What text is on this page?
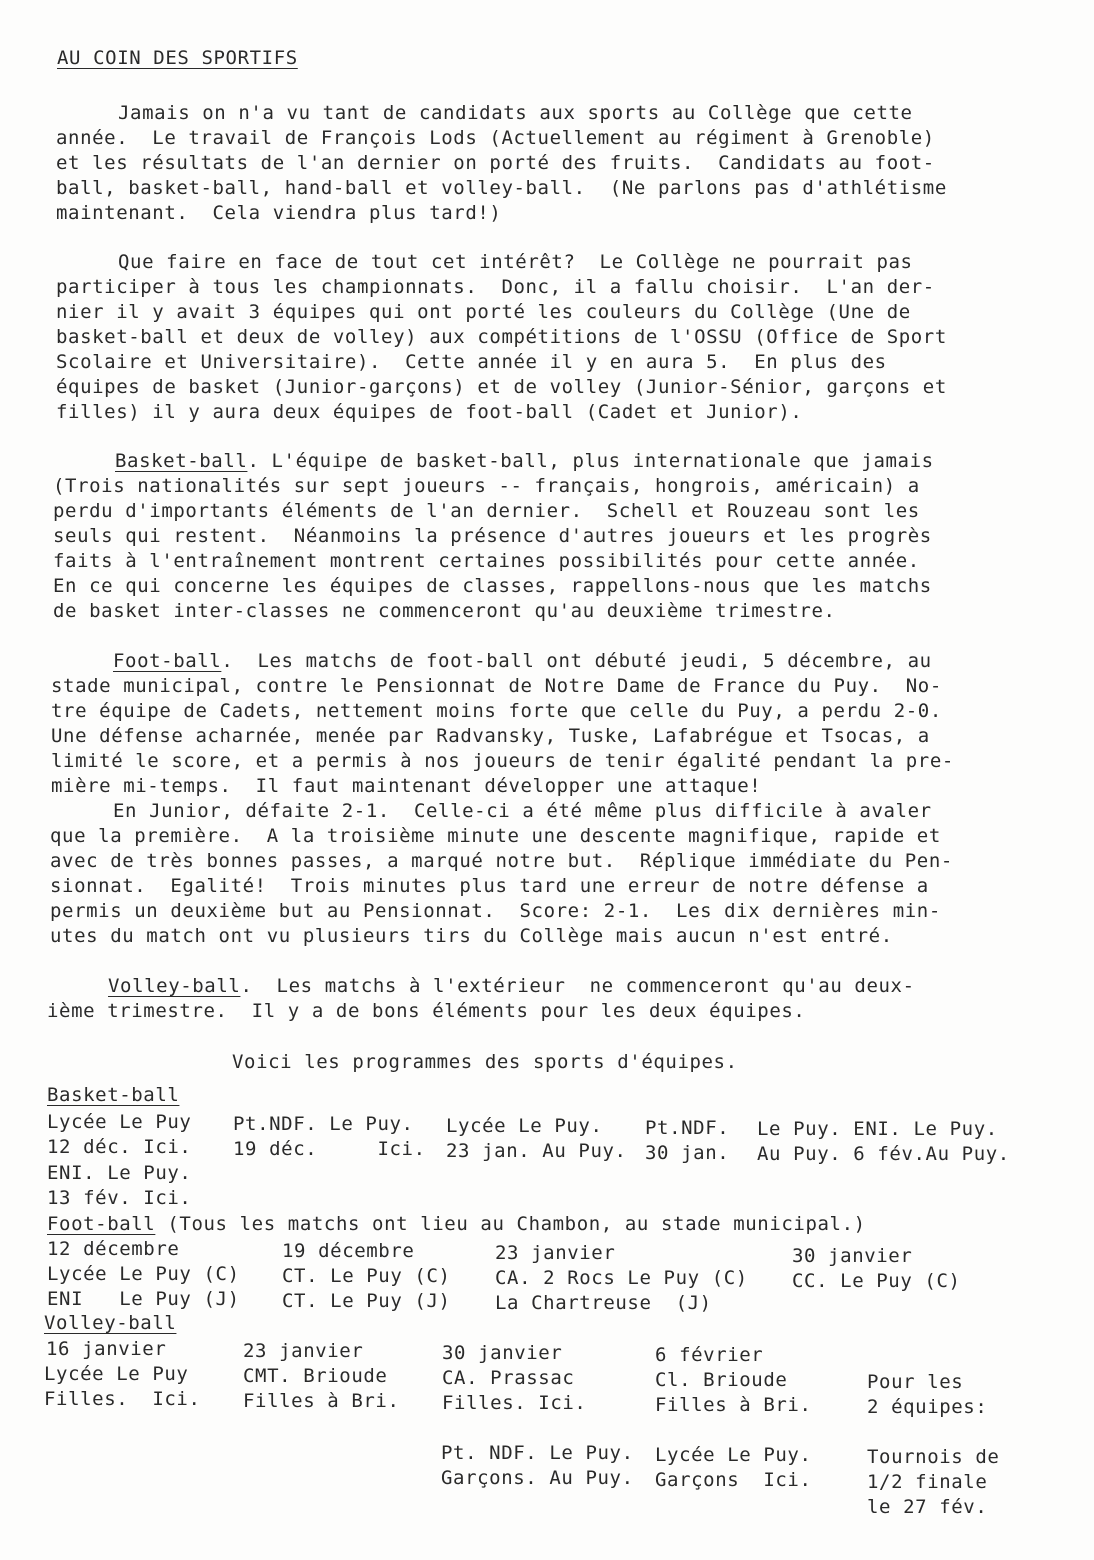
AU COIN DES SPORTIFS
Jamais on n'a vu tant de candidats aux sports au Collège que cette
année.  Le travail de François Lods (Actuellement au régiment à Grenoble)
et les résultats de l'an dernier on porté des fruits.  Candidats au foot-
ball, basket-ball, hand-ball et volley-ball.  (Ne parlons pas d'athlétisme
maintenant.  Cela viendra plus tard!)
Que faire en face de tout cet intérêt?  Le Collège ne pourrait pas
participer à tous les championnats.  Donc, il a fallu choisir.  L'an der-
nier il y avait 3 équipes qui ont porté les couleurs du Collège (Une de
basket-ball et deux de volley) aux compétitions de l'OSSU (Office de Sport
Scolaire et Universitaire).  Cette année il y en aura 5.  En plus des
équipes de basket (Junior-garçons) et de volley (Junior-Sénior, garçons et
filles) il y aura deux équipes de foot-ball (Cadet et Junior).
Basket-ball. L'équipe de basket-ball, plus internationale que jamais
(Trois nationalités sur sept joueurs -- français, hongrois, américain) a
perdu d'importants éléments de l'an dernier.  Schell et Rouzeau sont les
seuls qui restent.  Néanmoins la présence d'autres joueurs et les progrès
faits à l'entraînement montrent certaines possibilités pour cette année.
En ce qui concerne les équipes de classes, rappellons-nous que les matchs
de basket inter-classes ne commenceront qu'au deuxième trimestre.
Foot-ball.  Les matchs de foot-ball ont débuté jeudi, 5 décembre, au
stade municipal, contre le Pensionnat de Notre Dame de France du Puy.  No-
tre équipe de Cadets, nettement moins forte que celle du Puy, a perdu 2-0.
Une défense acharnée, menée par Radvansky, Tuske, Lafabrégue et Tsocas, a
limité le score, et a permis à nos joueurs de tenir égalité pendant la pre-
mière mi-temps.  Il faut maintenant développer une attaque!
En Junior, défaite 2-1.  Celle-ci a été même plus difficile à avaler
que la première.  A la troisième minute une descente magnifique, rapide et
avec de très bonnes passes, a marqué notre but.  Réplique immédiate du Pen-
sionnat.  Egalité!  Trois minutes plus tard une erreur de notre défense a
permis un deuxième but au Pensionnat.  Score: 2-1.  Les dix dernières min-
utes du match ont vu plusieurs tirs du Collège mais aucun n'est entré.
Volley-ball.  Les matchs à l'extérieur  ne commenceront qu'au deux-
ième trimestre.  Il y a de bons éléments pour les deux équipes.
Voici les programmes des sports d'équipes.
Basket-ball
Lycée Le Puy
12 déc. Ici.
Pt.NDF. Le Puy.
19 déc.     Ici.
Lycée Le Puy.
23 jan. Au Puy.
Pt.NDF.
30 jan.
Le Puy. ENI. Le Puy.
Au Puy. 6 fév.Au Puy.
ENI. Le Puy.
13 fév. Ici.
Foot-ball (Tous les matchs ont lieu au Chambon, au stade municipal.)
12 décembre
Lycée Le Puy (C)
ENI   Le Puy (J)
19 décembre
CT. Le Puy (C)
CT. Le Puy (J)
23 janvier
CA. 2 Rocs Le Puy (C)
La Chartreuse  (J)
30 janvier
CC. Le Puy (C)
Volley-ball
16 janvier
Lycée Le Puy
Filles.  Ici.
23 janvier
CMT. Brioude
Filles à Bri.
30 janvier
CA. Prassac
Filles. Ici.
6 février
Cl. Brioude
Filles à Bri.
Pour les
2 équipes:
Pt. NDF. Le Puy.
Garçons. Au Puy.
Lycée Le Puy.
Garçons  Ici.
Tournois de
1/2 finale
le 27 fév.
